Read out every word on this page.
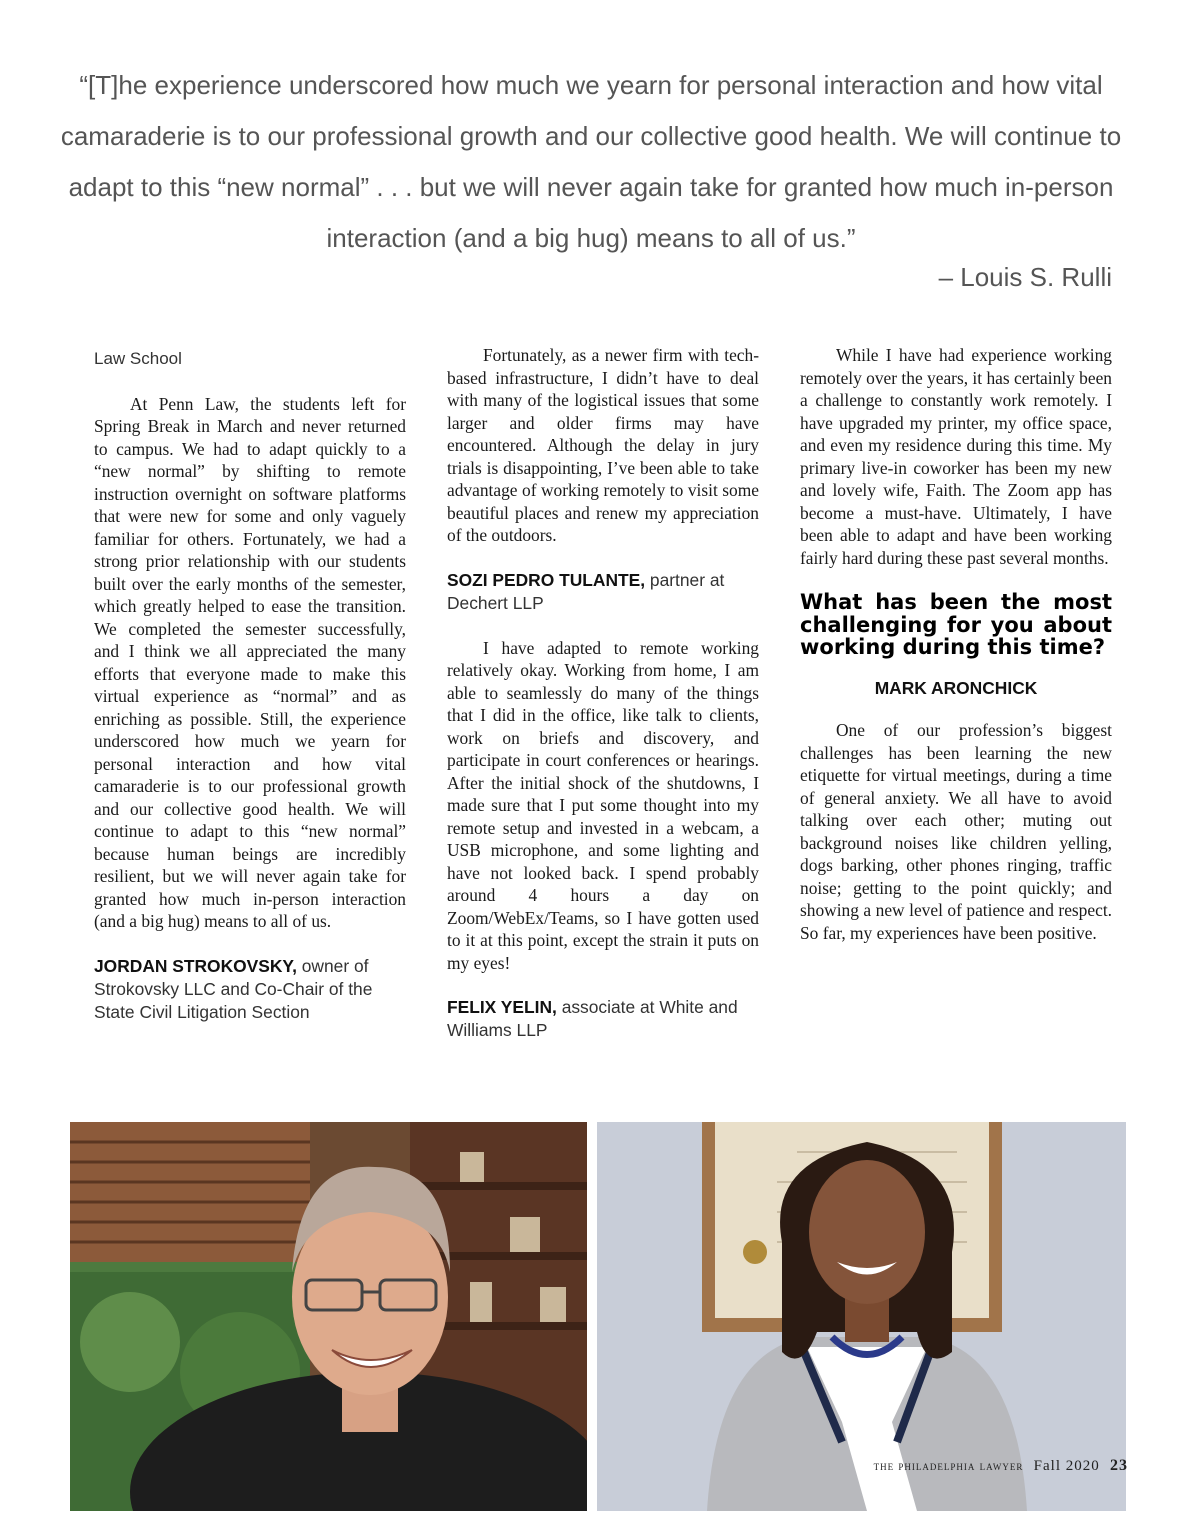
“[T]he experience underscored how much we yearn for personal interaction and how vital camaraderie is to our professional growth and our collective good health. We will continue to adapt to this “new normal” . . . but we will never again take for granted how much in-person interaction (and a big hug) means to all of us.”

– Louis S. Rulli
Law School

At Penn Law, the students left for Spring Break in March and never returned to campus. We had to adapt quickly to a “new normal” by shifting to remote instruction overnight on software platforms that were new for some and only vaguely familiar for others. Fortunately, we had a strong prior relationship with our students built over the early months of the semester, which greatly helped to ease the transition. We completed the semester successfully, and I think we all appreciated the many efforts that everyone made to make this virtual experience as “normal” and as enriching as possible. Still, the experience underscored how much we yearn for personal interaction and how vital camaraderie is to our professional growth and our collective good health. We will continue to adapt to this “new normal” because human beings are incredibly resilient, but we will never again take for granted how much in-person interaction (and a big hug) means to all of us.

JORDAN STROKOVSKY, owner of Strokovsky LLC and Co-Chair of the State Civil Litigation Section

Fortunately, as a newer firm with tech-based infrastructure, I didn’t have to deal with many of the logistical issues that some larger and older firms may have encountered. Although the delay in jury trials is disappointing, I’ve been able to take advantage of working remotely to visit some beautiful places and renew my appreciation of the outdoors.

SOZI PEDRO TULANTE, partner at Dechert LLP

I have adapted to remote working relatively okay. Working from home, I am able to seamlessly do many of the things that I did in the office, like talk to clients, work on briefs and discovery, and participate in court conferences or hearings. After the initial shock of the shutdowns, I made sure that I put some thought into my remote setup and invested in a webcam, a USB microphone, and some lighting and have not looked back. I spend probably around 4 hours a day on Zoom/WebEx/Teams, so I have gotten used to it at this point, except the strain it puts on my eyes!

FELIX YELIN, associate at White and Williams LLP

While I have had experience working remotely over the years, it has certainly been a challenge to constantly work remotely. I have upgraded my printer, my office space, and even my residence during this time. My primary live-in coworker has been my new and lovely wife, Faith. The Zoom app has become a must-have. Ultimately, I have been able to adapt and have been working fairly hard during these past several months.

What has been the most challenging for you about working during this time?
MARK ARONCHICK

One of our profession’s biggest challenges has been learning the new etiquette for virtual meetings, during a time of general anxiety. We all have to avoid talking over each other; muting out background noises like children yelling, dogs barking, other phones ringing, traffic noise; getting to the point quickly; and showing a new level of patience and respect. So far, my experiences have been positive.

the philadelphia lawyer Fall 2020 23
